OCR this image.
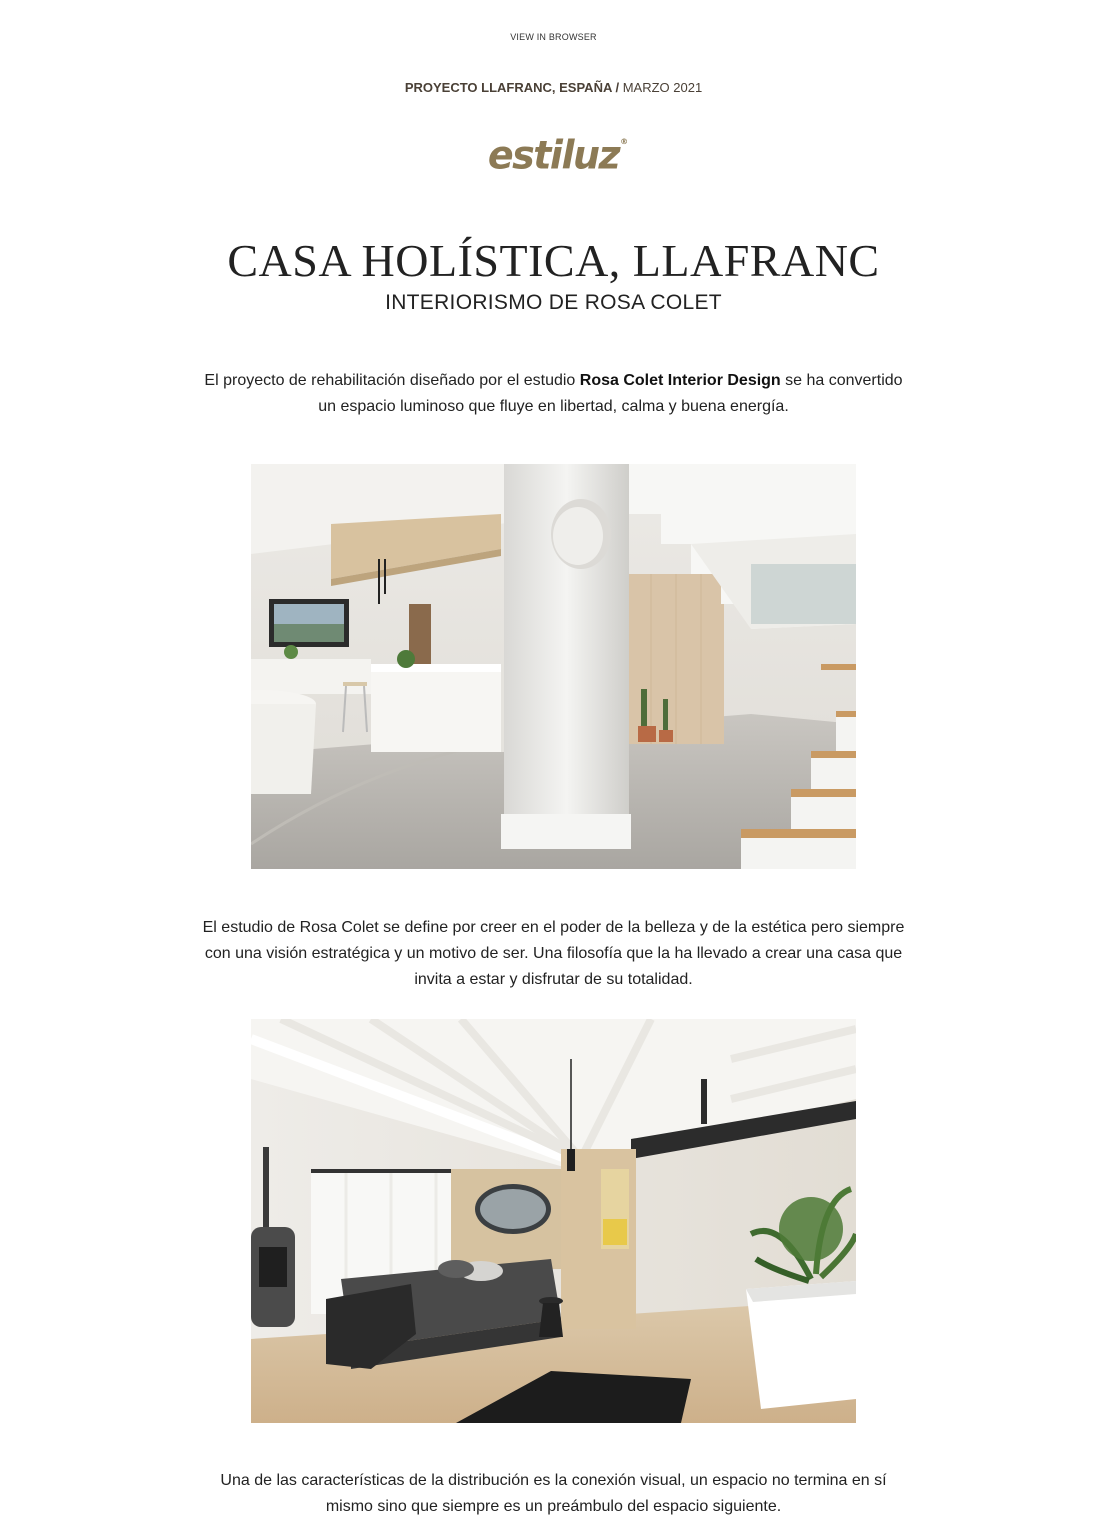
VIEW IN BROWSER
PROYECTO LLAFRANC, ESPAÑA / MARZO 2021
estiluz ®
CASA HOLÍSTICA, LLAFRANC
INTERIORISMO DE ROSA COLET
El proyecto de rehabilitación diseñado por el estudio Rosa Colet Interior Design se ha convertido un espacio luminoso que fluye en libertad, calma y buena energía.
El estudio de Rosa Colet se define por creer en el poder de la belleza y de la estética pero siempre con una visión estratégica y un motivo de ser. Una filosofía que la ha llevado a crear una casa que invita a estar y disfrutar de su totalidad.
Una de las características de la distribución es la conexión visual, un espacio no termina en sí mismo sino que siempre es un preámbulo del espacio siguiente.
